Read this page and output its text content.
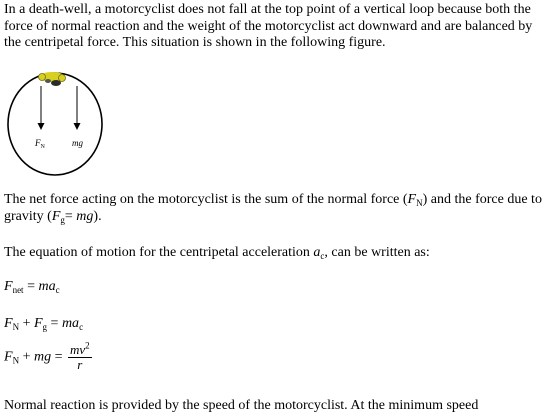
In a death-well, a motorcyclist does not fall at the top point of a vertical loop because both the force of normal reaction and the weight of the motorcyclist act downward and are balanced by the centripetal force. This situation is shown in the following figure.

$F_N$	mg

The net force acting on the motorcyclist is the sum of the normal force $(F_N)$ and the force due to gravity $(F_g= mg)$.

The equation of motion for the centripetal acceleration $a_c$, can be written as:

$F_{net} = ma_c$
$F_N + F_g = ma_c$
$F_N$ + mg = $\frac{mv^2}{r}$

Normal reaction is provided by the speed of the motorcyclist. At the minimum speed
